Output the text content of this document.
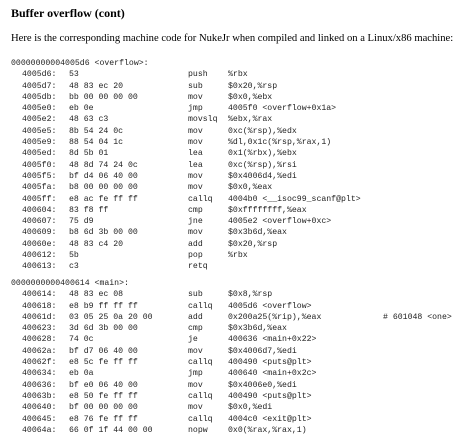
Buffer overflow (cont)
Here is the corresponding machine code for NukeJr when compiled and linked on a Linux/x86 machine:
00000000004005d6 <overflow>:
4005d6: 53	push %rbx
4005d7: 48 83 ec 20	sub	$0x20,%rsp
4005db: bb 00 00 00 00	mov	$0x0,%ebx
4005e0: eb 0e	jmp	4005f0 <overflow+0x1a>
4005e2: 48 63 c3	movslq %ebx,%rax
4005e5: 8b 54 24 0c	mov	0xc(%rsp),%edx
4005e9: 88 54 04 1c	mov	%dl,0x1c(%rsp,%rax,1)
4005ed: 8d 5b 01	lea	0x1(%rbx),%ebx
4005f0: 48 8d 74 24 0c	lea	0xc(%rsp),%rsi
4005f5: bf d4 06 40 00	mov	$0x4006d4,%edi
4005fa: b8 00 00 00 00	mov	$0x0,%eax
4005ff: e8 ac fe ff ff	callq 4004b0 <__isoc99_scanf@plt>
400604: 83 f8 ff	cmp	$0xffffffff,%eax
400607: 75 d9	jne	4005e2 <overflow+0xc>
400609: b8 6d 3b 00 00	mov	$0x3b6d,%eax
40060e: 48 83 c4 20	add	$0x20,%rsp
400612: 5b	pop	%rbx
400613: c3	retq
0000000000400614 <main>:
400614: 48 83 ec 08	sub	$0x8,%rsp
400618: e8 b9 ff ff ff	callq 4005d6 <overflow>
40061d: 03 05 25 0a 20 00	add	0x200a25(%rip),%eax	# 601048 <one>
400623: 3d 6d 3b 00 00	cmp	$0x3b6d,%eax
400628: 74 0c	je	400636 <main+0x22>
40062a: bf d7 06 40 00	mov	$0x4006d7,%edi
40062f: e8 5c fe ff ff	callq 400490 <puts@plt>
400634: eb 0a	jmp	400640 <main+0x2c>
400636: bf e0 06 40 00	mov	$0x4006e0,%edi
40063b: e8 50 fe ff ff	callq 400490 <puts@plt>
400640: bf 00 00 00 00	mov	$0x0,%edi
400645: e8 76 fe ff ff	callq 4004c0 <exit@plt>
40064a: 66 0f 1f 44 00 00	nopw 0x0(%rax,%rax,1)
